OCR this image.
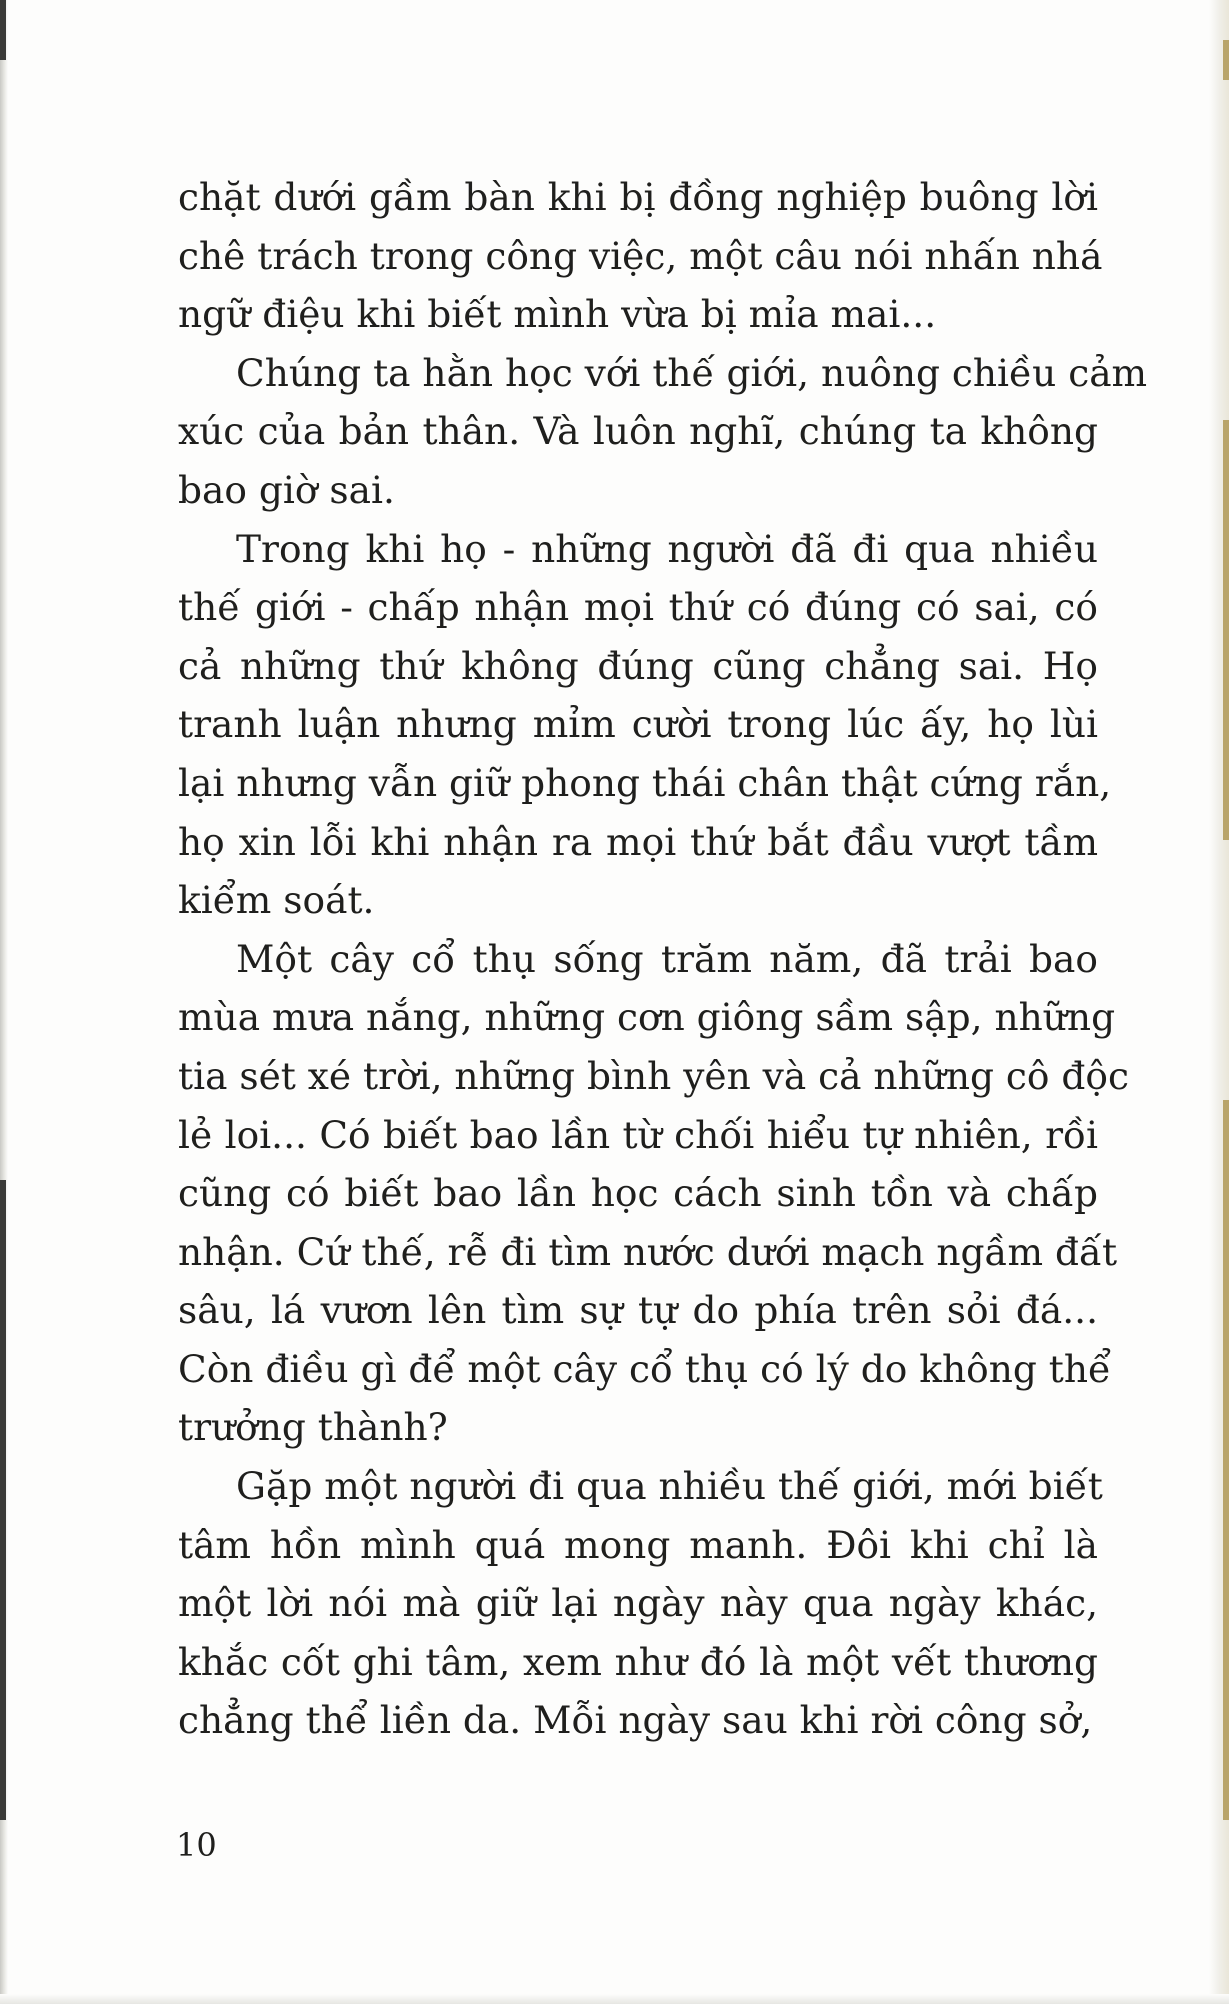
chặt dưới gầm bàn khi bị đồng nghiệp buông lời
chê trách trong công việc, một câu nói nhấn nhá
ngữ điệu khi biết mình vừa bị mỉa mai...

Chúng ta hằn học với thế giới, nuông chiều cảm
xúc của bản thân. Và luôn nghĩ, chúng ta không
bao giờ sai.

Trong khi họ - những người đã đi qua nhiều
thế giới - chấp nhận mọi thứ có đúng có sai, có
cả những thứ không đúng cũng chẳng sai. Họ
tranh luận nhưng mỉm cười trong lúc ấy, họ lùi
lại nhưng vẫn giữ phong thái chân thật cứng rắn,
họ xin lỗi khi nhận ra mọi thứ bắt đầu vượt tầm
kiểm soát.

Một cây cổ thụ sống trăm năm, đã trải bao
mùa mưa nắng, những cơn giông sầm sập, những
tia sét xé trời, những bình yên và cả những cô độc
lẻ loi... Có biết bao lần từ chối hiểu tự nhiên, rồi
cũng có biết bao lần học cách sinh tồn và chấp
nhận. Cứ thế, rễ đi tìm nước dưới mạch ngầm đất
sâu, lá vươn lên tìm sự tự do phía trên sỏi đá...
Còn điều gì để một cây cổ thụ có lý do không thể
trưởng thành?

Gặp một người đi qua nhiều thế giới, mới biết
tâm hồn mình quá mong manh. Đôi khi chỉ là
một lời nói mà giữ lại ngày này qua ngày khác,
khắc cốt ghi tâm, xem như đó là một vết thương
chẳng thể liền da. Mỗi ngày sau khi rời công sở,

10
